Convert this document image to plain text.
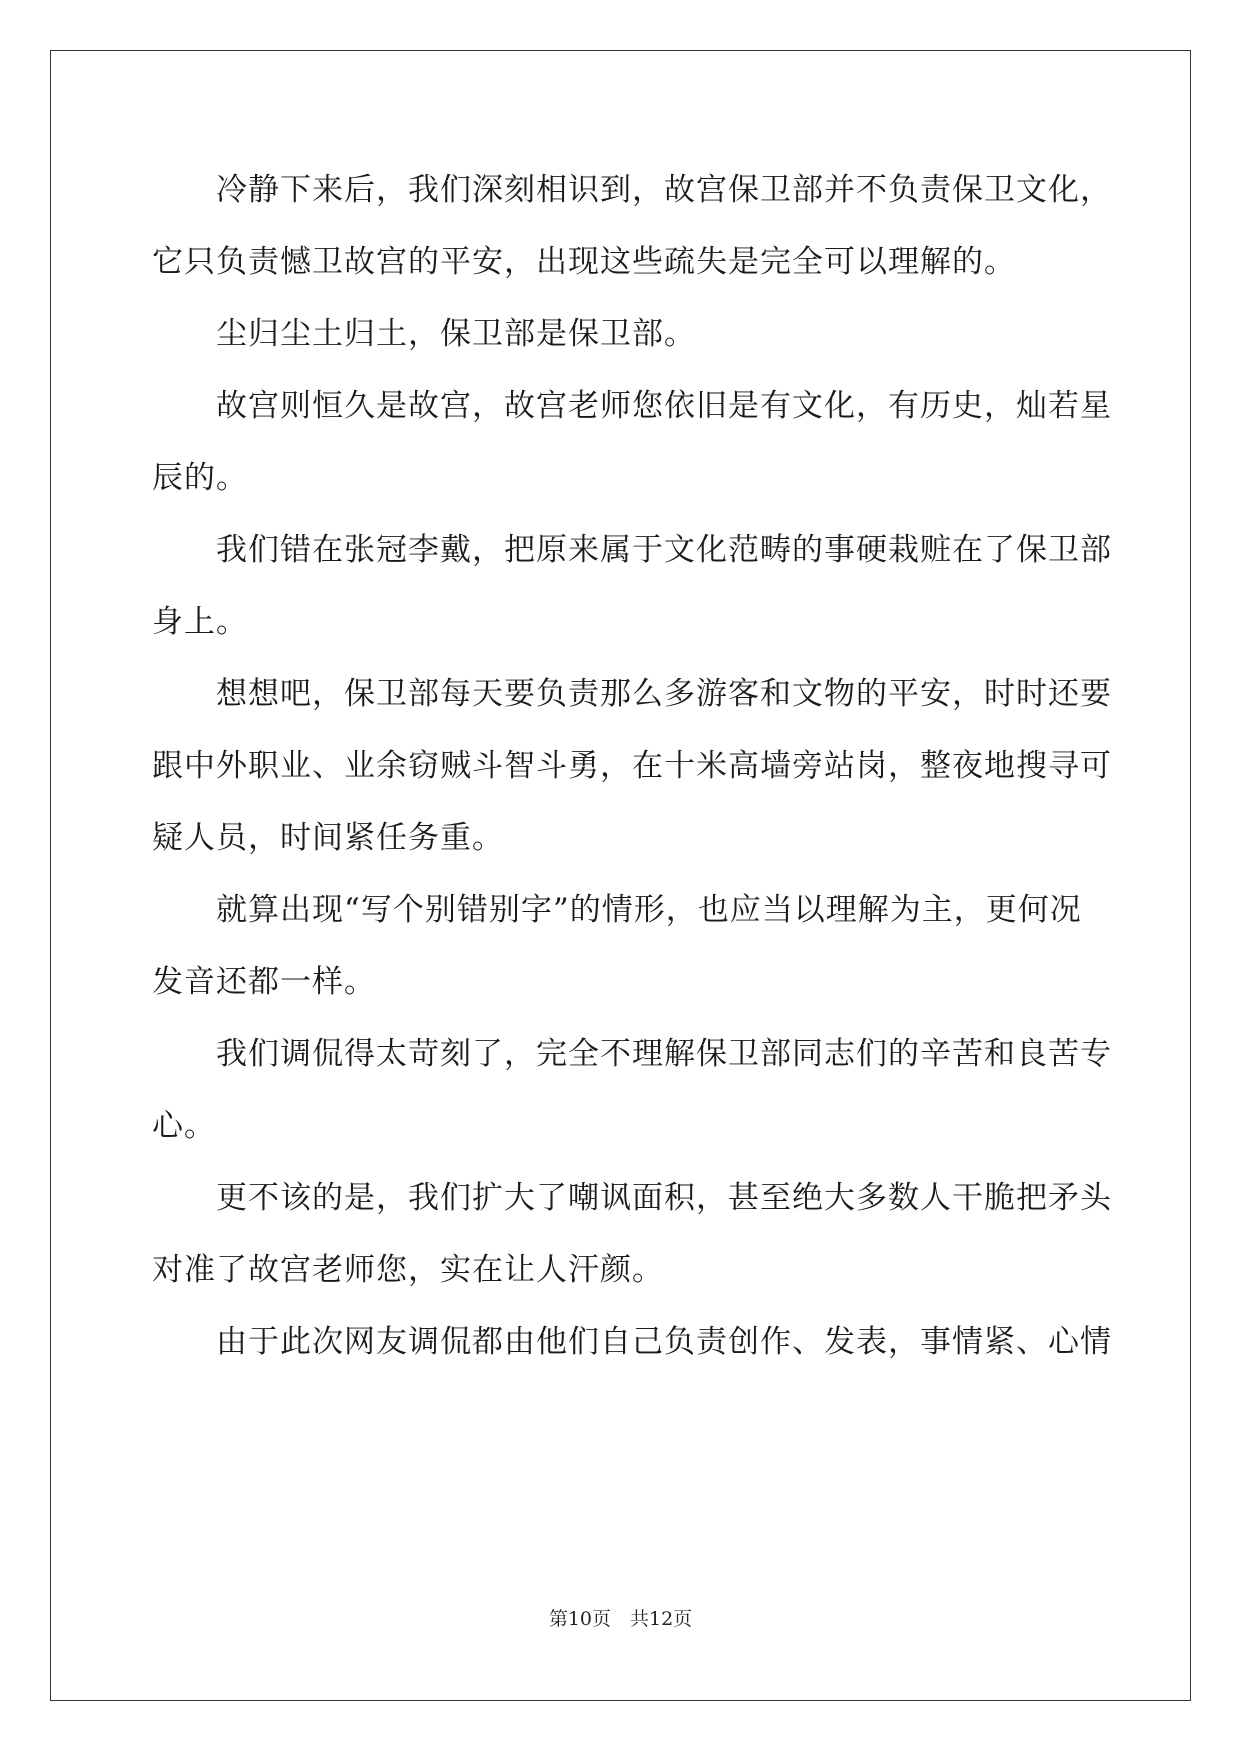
　　冷静下来后，我们深刻相识到，故宫保卫部并不负责保卫文化，
它只负责憾卫故宫的平安，出现这些疏失是完全可以理解的。
　　尘归尘土归土，保卫部是保卫部。
　　故宫则恒久是故宫，故宫老师您依旧是有文化，有历史，灿若星
辰的。
　　我们错在张冠李戴，把原来属于文化范畴的事硬栽赃在了保卫部
身上。
　　想想吧，保卫部每天要负责那么多游客和文物的平安，时时还要
跟中外职业、业余窃贼斗智斗勇，在十米高墙旁站岗，整夜地搜寻可
疑人员，时间紧任务重。
　　就算出现“写个别错别字”的情形，也应当以理解为主，更何况
发音还都一样。
　　我们调侃得太苛刻了，完全不理解保卫部同志们的辛苦和良苦专
心。
　　更不该的是，我们扩大了嘲讽面积，甚至绝大多数人干脆把矛头
对准了故宫老师您，实在让人汗颜。
　　由于此次网友调侃都由他们自己负责创作、发表，事情紧、心情
第10页　共12页
